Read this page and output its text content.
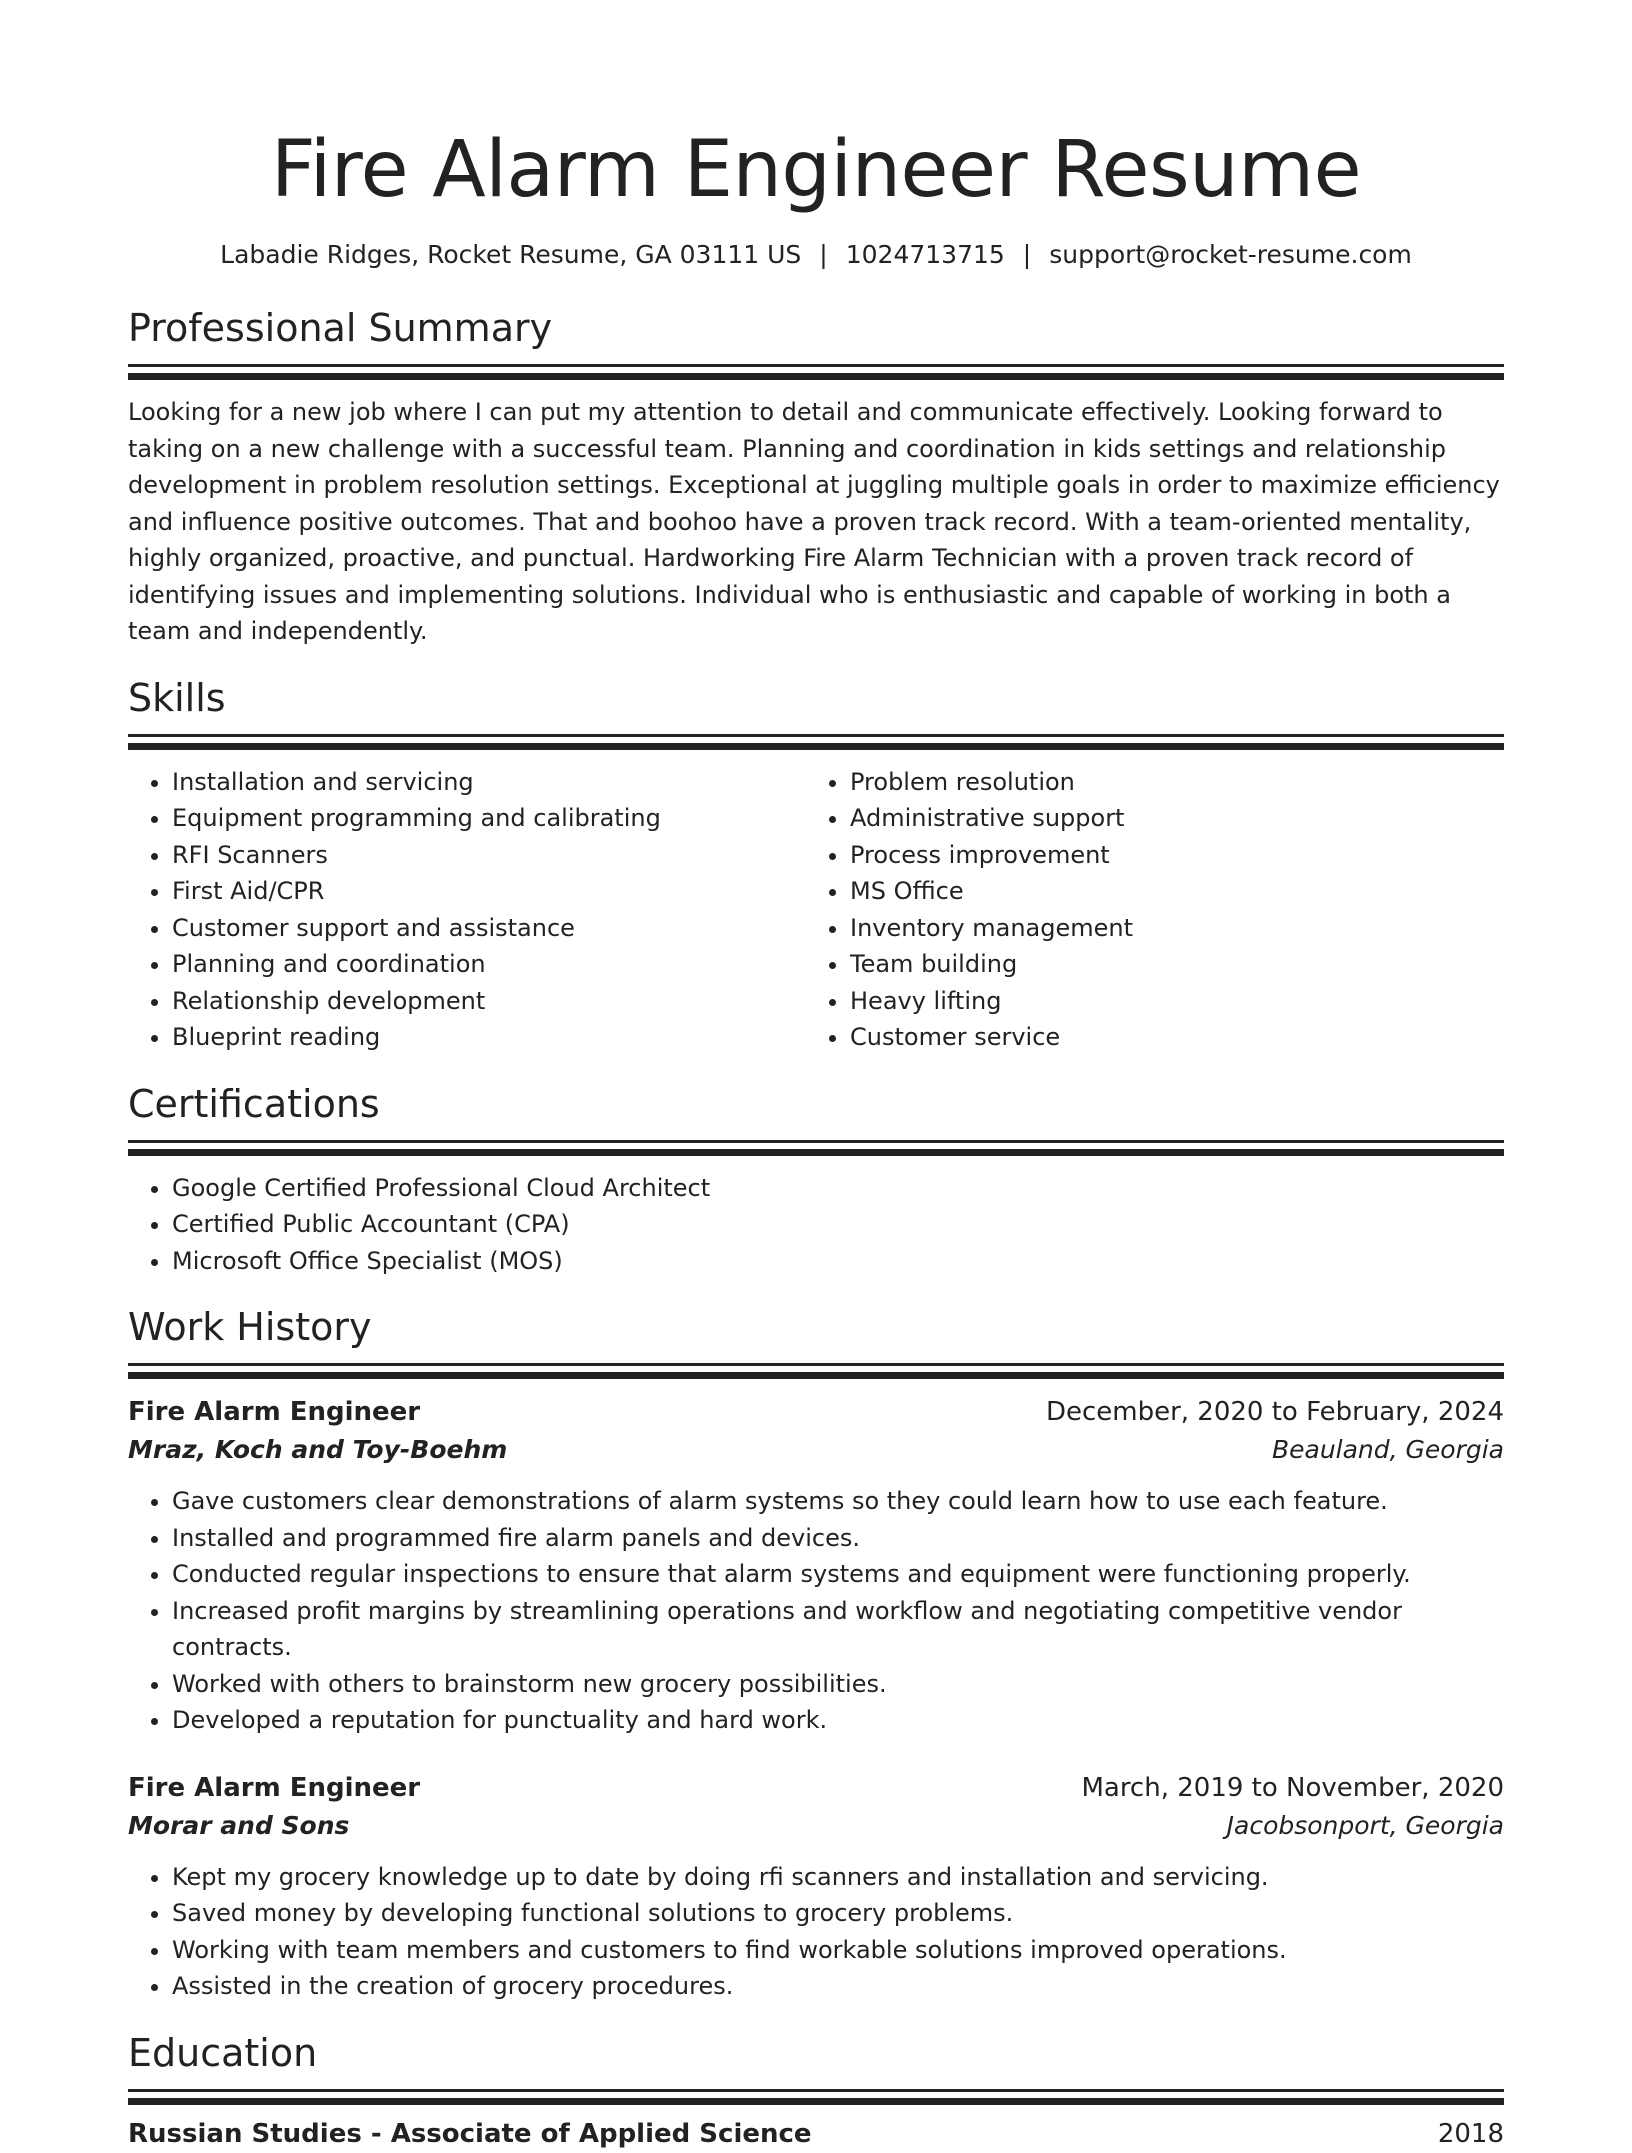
Fire Alarm Engineer Resume
Labadie Ridges, Rocket Resume, GA 03111 US | 1024713715 | support@rocket-resume.com
Professional Summary

Looking for a new job where I can put my attention to detail and communicate effectively. Looking forward to taking on a new challenge with a successful team. Planning and coordination in kids settings and relationship development in problem resolution settings. Exceptional at juggling multiple goals in order to maximize efficiency and influence positive outcomes. That and boohoo have a proven track record. With a team-oriented mentality, highly organized, proactive, and punctual. Hardworking Fire Alarm Technician with a proven track record of identifying issues and implementing solutions. Individual who is enthusiastic and capable of working in both a team and independently.

Skills
• Installation and servicing
• Equipment programming and calibrating
• RFI Scanners
• First Aid/CPR
• Customer support and assistance
• Planning and coordination
• Relationship development
• Blueprint reading
• Problem resolution
• Administrative support
• Process improvement
• MS Office
• Inventory management
• Team building
• Heavy lifting
• Customer service
Certifications
• Google Certified Professional Cloud Architect
• Certified Public Accountant (CPA)
• Microsoft Office Specialist (MOS)
Work History
Fire Alarm Engineer	December, 2020 to February, 2024
Mraz, Koch and Toy-Boehm	Beauland, Georgia
• Gave customers clear demonstrations of alarm systems so they could learn how to use each feature.
• Installed and programmed fire alarm panels and devices.
• Conducted regular inspections to ensure that alarm systems and equipment were functioning properly.
• Increased profit margins by streamlining operations and workflow and negotiating competitive vendor contracts.
• Worked with others to brainstorm new grocery possibilities.
• Developed a reputation for punctuality and hard work.
Fire Alarm Engineer	March, 2019 to November, 2020
Morar and Sons	Jacobsonport, Georgia
• Kept my grocery knowledge up to date by doing rfi scanners and installation and servicing.
• Saved money by developing functional solutions to grocery problems.
• Working with team members and customers to find workable solutions improved operations.
• Assisted in the creation of grocery procedures.
Education
Russian Studies - Associate of Applied Science	2018
